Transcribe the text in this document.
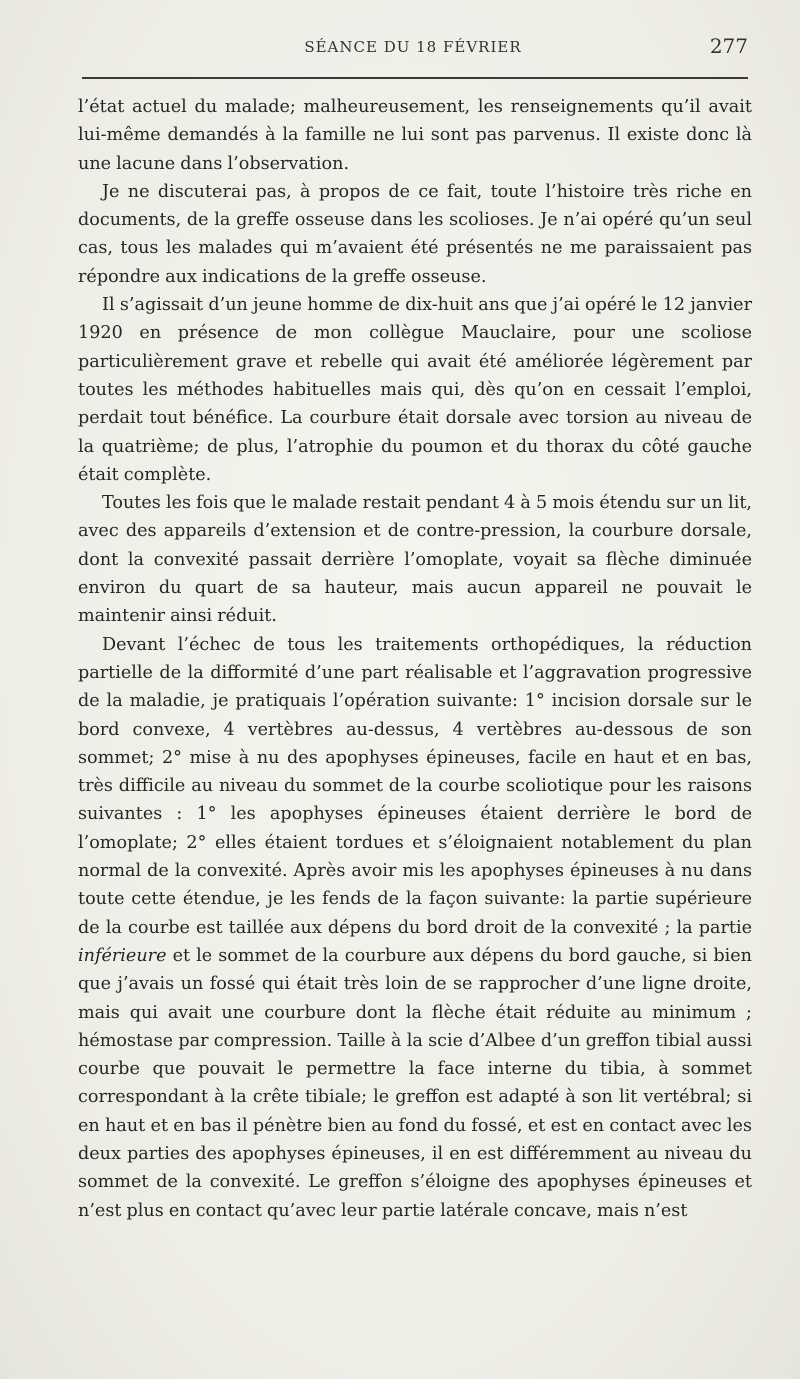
SÉANCE DU 18 FÉVRIER	277

l’état actuel du malade; malheureusement, les renseignements qu’il avait lui-même demandés à la famille ne lui sont pas parvenus. Il existe donc là une lacune dans l’observation.

Je ne discuterai pas, à propos de ce fait, toute l’histoire très riche en documents, de la greffe osseuse dans les scolioses. Je n’ai opéré qu’un seul cas, tous les malades qui m’avaient été présentés ne me paraissaient pas répondre aux indications de la greffe osseuse.

Il s’agissait d’un jeune homme de dix-huit ans que j’ai opéré le 12 janvier 1920 en présence de mon collègue Mauclaire, pour une scoliose particulièrement grave et rebelle qui avait été améliorée légèrement par toutes les méthodes habituelles mais qui, dès qu’on en cessait l’emploi, perdait tout bénéfice. La courbure était dorsale avec torsion au niveau de la quatrième; de plus, l’atrophie du poumon et du thorax du côté gauche était complète.

Toutes les fois que le malade restait pendant 4 à 5 mois étendu sur un lit, avec des appareils d’extension et de contre-pression, la courbure dorsale, dont la convexité passait derrière l’omoplate, voyait sa flèche diminuée environ du quart de sa hauteur, mais aucun appareil ne pouvait le maintenir ainsi réduit.

Devant l’échec de tous les traitements orthopédiques, la réduction partielle de la difformité d’une part réalisable et l’aggravation progressive de la maladie, je pratiquais l’opération suivante: 1° incision dorsale sur le bord convexe, 4 vertèbres au-dessus, 4 vertèbres au-dessous de son sommet; 2° mise à nu des apophyses épineuses, facile en haut et en bas, très difficile au niveau du sommet de la courbe scoliotique pour les raisons suivantes : 1° les apophyses épineuses étaient derrière le bord de l’omoplate; 2° elles étaient tordues et s’éloignaient notablement du plan normal de la convexité. Après avoir mis les apophyses épineuses à nu dans toute cette étendue, je les fends de la façon suivante: la partie supérieure de la courbe est taillée aux dépens du bord droit de la convexité ; la partie inférieure et le sommet de la courbure aux dépens du bord gauche, si bien que j’avais un fossé qui était très loin de se rapprocher d’une ligne droite, mais qui avait une courbure dont la flèche était réduite au minimum ; hémostase par compression. Taille à la scie d’Albee d’un greffon tibial aussi courbe que pouvait le permettre la face interne du tibia, à sommet correspondant à la crête tibiale; le greffon est adapté à son lit vertébral; si en haut et en bas il pénètre bien au fond du fossé, et est en contact avec les deux parties des apophyses épineuses, il en est différemment au niveau du sommet de la convexité. Le greffon s’éloigne des apophyses épineuses et n’est plus en contact qu’avec leur partie latérale concave, mais n’est
